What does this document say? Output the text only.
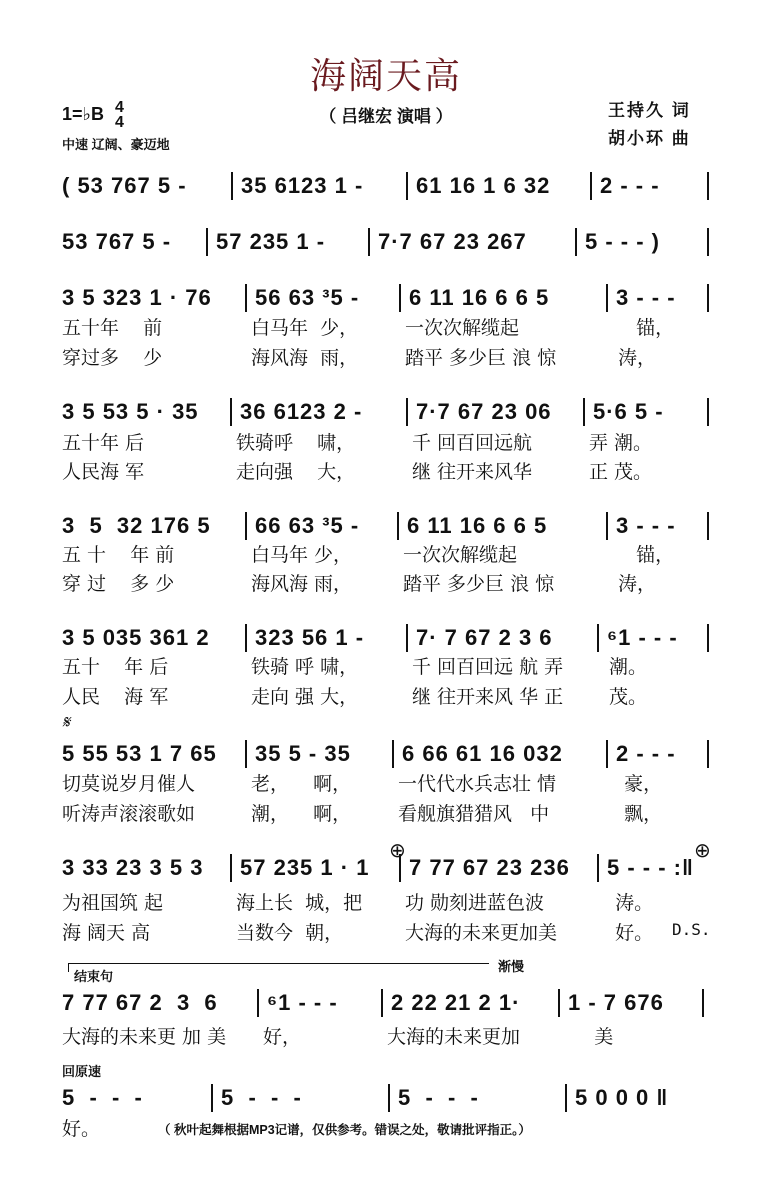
海阔天高
1=♭B 4
4
中速 辽阔、豪迈地
（ 吕继宏 演唱 ）	王持久 词
胡小环 曲
( 53 767 5 -	35 6123 1 -	61 16 1 6 32	2 - - -
53 767 5 -	57 235 1 -	7·7 67 23 267	5 - - - )
3 5 323 1 · 76	56 63 ³5 -	6 11 16 6 6 5	3 - - -
五十年    前	白马年  少，	一次次解缆起	锚，
穿过多    少	海风海  雨，	踏平 多少巨 浪 惊	涛，
3 5 53 5 · 35	36 6123 2 -	7·7 67 23 06	5·6 5 -
五十年 后	铁骑呼    啸，	千 回百回远航	弄 潮。
人民海 军	走向强    大，	继 往开来风华	正 茂。
3  5  32 176 5	66 63 ³5 -	6 11 16 6 6 5	3 - - -
五 十    年 前	白马年 少，	一次次解缆起	锚，
穿 过    多 少	海风海 雨，	踏平 多少巨 浪 惊	涛，
3 5 035 361 2	323 56 1 -	7· 7 67 2 3 6	⁶1 - - -
五十    年 后	铁骑 呼 啸，	千 回百回远 航 弄	潮。
人民    海 军	走向 强 大，	继 往开来风 华 正	茂。
5 55 53 1 7 65	35 5 - 35	6 66 61 16 032	2 - - -
切莫说岁月催人	老，    啊，	一代代水兵志壮 情	豪，
听涛声滚滚歌如	潮，    啊，	看舰旗猎猎风   中	飘，
3 33 23 3 5 3	57 235 1 · 1	7 77 67 23 236	5 - - - :‖
为祖国筑 起	海上长  城，把	功 勋刻进蓝色波	涛。
海 阔天 高	当数今  朝，	大海的未来更加美	好。
7 77 67 2  3  6	⁶1 - - -	2 22 21 2 1·	1 - 7 676
大海的未来更 加 美	好，	大海的未来更加	美
5  -  -  -	5  -  -  -	5  -  -  -	5 0 0 0 ‖
好。
𝄋
⊕	⊕
D.S.
结束句
渐慢
回原速
（ 秋叶起舞根据MP3记谱，仅供参考。错误之处，敬请批评指正。）
